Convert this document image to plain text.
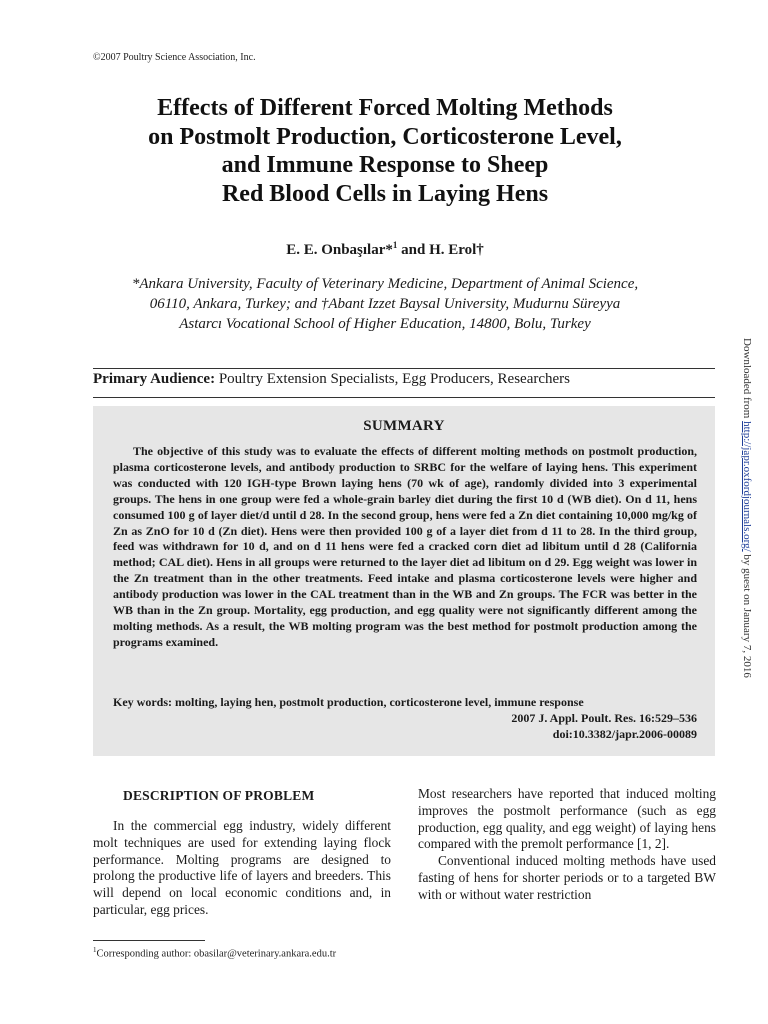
©2007 Poultry Science Association, Inc.
Effects of Different Forced Molting Methods
on Postmolt Production, Corticosterone Level,
and Immune Response to Sheep
Red Blood Cells in Laying Hens
E. E. Onbaşılar*$^1$ and H. Erol†
*Ankara University, Faculty of Veterinary Medicine, Department of Animal Science,
06110, Ankara, Turkey; and †Abant Izzet Baysal University, Mudurnu Süreyya
Astarcı Vocational School of Higher Education, 14800, Bolu, Turkey
Primary Audience: Poultry Extension Specialists, Egg Producers, Researchers
SUMMARY

The objective of this study was to evaluate the effects of different molting methods on postmolt production, plasma corticosterone levels, and antibody production to SRBC for the welfare of laying hens. This experiment was conducted with 120 IGH-type Brown laying hens (70 wk of age), randomly divided into 3 experimental groups. The hens in one group were fed a whole-grain barley diet during the first 10 d (WB diet). On d 11, hens consumed 100 g of layer diet/d until d 28. In the second group, hens were fed a Zn diet containing 10,000 mg/kg of Zn as ZnO for 10 d (Zn diet). Hens were then provided 100 g of a layer diet from d 11 to 28. In the third group, feed was withdrawn for 10 d, and on d 11 hens were fed a cracked corn diet ad libitum until d 28 (California method; CAL diet). Hens in all groups were returned to the layer diet ad libitum on d 29. Egg weight was lower in the Zn treatment than in the other treatments. Feed intake and plasma corticosterone levels were higher and antibody production was lower in the CAL treatment than in the WB and Zn groups. The FCR was better in the WB than in the Zn group. Mortality, egg production, and egg quality were not significantly different among the molting methods. As a result, the WB molting program was the best method for postmolt production among the programs examined.

Key words: molting, laying hen, postmolt production, corticosterone level, immune response

2007 J. Appl. Poult. Res. 16:529–536
doi:10.3382/japr.2006-00089
DESCRIPTION OF PROBLEM

In the commercial egg industry, widely different molt techniques are used for extending laying flock performance. Molting programs are designed to prolong the productive life of layers and breeders. This will depend on local economic conditions and, in particular, egg prices.

Most researchers have reported that induced molting improves the postmolt performance (such as egg production, egg quality, and egg weight) of laying hens compared with the premolt performance [1, 2].

Conventional induced molting methods have used fasting of hens for shorter periods or to a targeted BW with or without water restriction

$^1$Corresponding author: obasilar@veterinary.ankara.edu.tr
Downloaded from http://japr.oxfordjournals.org/ by guest on January 7, 2016
